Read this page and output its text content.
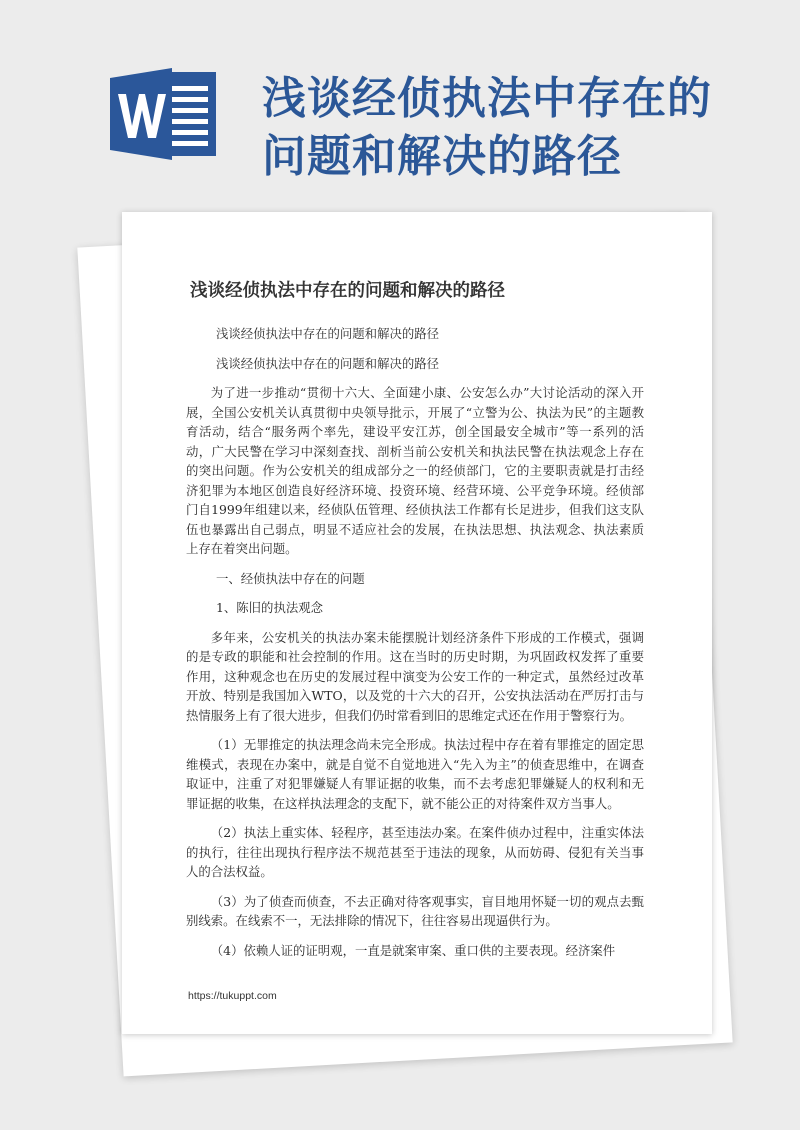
浅谈经侦执法中存在的
问题和解决的路径
浅谈经侦执法中存在的问题和解决的路径

浅谈经侦执法中存在的问题和解决的路径

浅谈经侦执法中存在的问题和解决的路径

为了进一步推动“贯彻十六大、全面建小康、公安怎么办”大讨论活动的深入开展，全国公安机关认真贯彻中央领导批示，开展了“立警为公、执法为民”的主题教育活动，结合“服务两个率先，建设平安江苏，创全国最安全城市”等一系列的活动，广大民警在学习中深刻查找、剖析当前公安机关和执法民警在执法观念上存在的突出问题。作为公安机关的组成部分之一的经侦部门，它的主要职责就是打击经济犯罪为本地区创造良好经济环境、投资环境、经营环境、公平竞争环境。经侦部门自1999年组建以来，经侦队伍管理、经侦执法工作都有长足进步，但我们这支队伍也暴露出自己弱点，明显不适应社会的发展，在执法思想、执法观念、执法素质上存在着突出问题。

一、经侦执法中存在的问题

1、陈旧的执法观念

多年来，公安机关的执法办案未能摆脱计划经济条件下形成的工作模式，强调的是专政的职能和社会控制的作用。这在当时的历史时期，为巩固政权发挥了重要作用，这种观念也在历史的发展过程中演变为公安工作的一种定式，虽然经过改革开放、特别是我国加入WTO，以及党的十六大的召开，公安执法活动在严厉打击与热情服务上有了很大进步，但我们仍时常看到旧的思维定式还在作用于警察行为。

（1）无罪推定的执法理念尚未完全形成。执法过程中存在着有罪推定的固定思维模式，表现在办案中，就是自觉不自觉地进入“先入为主”的侦查思维中，在调查取证中，注重了对犯罪嫌疑人有罪证据的收集，而不去考虑犯罪嫌疑人的权利和无罪证据的收集，在这样执法理念的支配下，就不能公正的对待案件双方当事人。

（2）执法上重实体、轻程序，甚至违法办案。在案件侦办过程中，注重实体法的执行，往往出现执行程序法不规范甚至于违法的现象，从而妨碍、侵犯有关当事人的合法权益。

（3）为了侦查而侦查，不去正确对待客观事实，盲目地用怀疑一切的观点去甄别线索。在线索不一，无法排除的情况下，往往容易出现逼供行为。

（4）依赖人证的证明观，一直是就案审案、重口供的主要表现。经济案件

https://tukuppt.com
